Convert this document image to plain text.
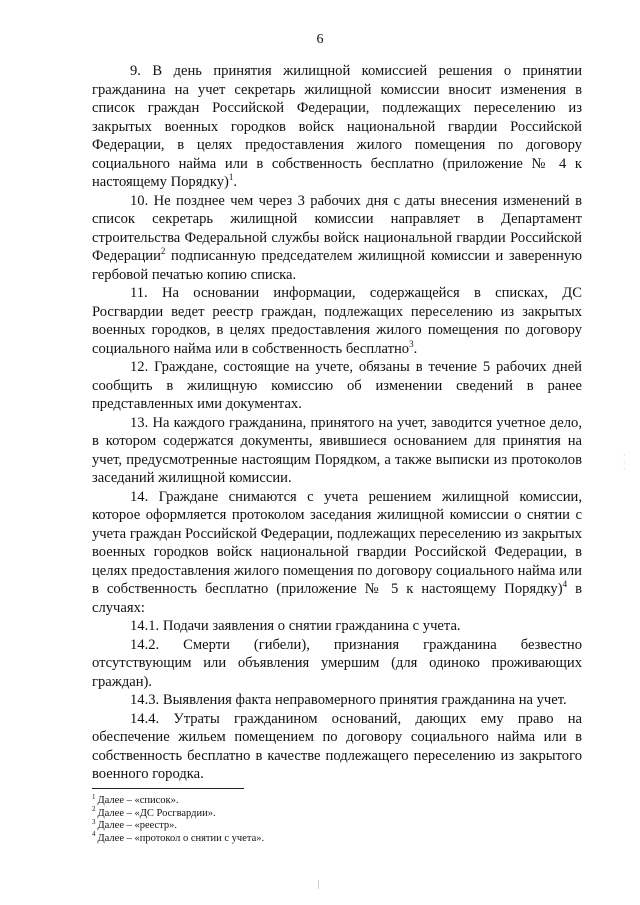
6

9. В день принятия жилищной комиссией решения о принятии гражданина на учет секретарь жилищной комиссии вносит изменения в список граждан Российской Федерации, подлежащих переселению из закрытых военных городков войск национальной гвардии Российской Федерации, в целях предоставления жилого помещения по договору социального найма или в собственность бесплатно (приложение № 4 к настоящему Порядку)$^1$.

10. Не позднее чем через 3 рабочих дня с даты внесения изменений в список секретарь жилищной комиссии направляет в Департамент строительства Федеральной службы войск национальной гвардии Российской Федерации$^2$ подписанную председателем жилищной комиссии и заверенную гербовой печатью копию списка.

11. На основании информации, содержащейся в списках, ДС Росгвардии ведет реестр граждан, подлежащих переселению из закрытых военных городков, в целях предоставления жилого помещения по договору социального найма или в собственность бесплатно$^3$.

12. Граждане, состоящие на учете, обязаны в течение 5 рабочих дней сообщить в жилищную комиссию об изменении сведений в ранее представленных ими документах.

13. На каждого гражданина, принятого на учет, заводится учетное дело, в котором содержатся документы, явившиеся основанием для принятия на учет, предусмотренные настоящим Порядком, а также выписки из протоколов заседаний жилищной комиссии.

14. Граждане снимаются с учета решением жилищной комиссии, которое оформляется протоколом заседания жилищной комиссии о снятии с учета граждан Российской Федерации, подлежащих переселению из закрытых военных городков войск национальной гвардии Российской Федерации, в целях предоставления жилого помещения по договору социального найма или в собственность бесплатно (приложение № 5 к настоящему Порядку)$^4$ в случаях:

14.1. Подачи заявления о снятии гражданина с учета.

14.2. Смерти (гибели), признания гражданина безвестно отсутствующим или объявления умершим (для одиноко проживающих граждан).

14.3. Выявления факта неправомерного принятия гражданина на учет.

14.4. Утраты гражданином оснований, дающих ему право на обеспечение жильем помещением по договору социального найма или в собственность бесплатно в качестве подлежащего переселению из закрытого военного городка.

$^1$ Далее – «список».

$^2$ Далее – «ДС Росгвардии».

$^3$ Далее – «реестр».

$^4$ Далее – «протокол о снятии с учета».

·
·
·
